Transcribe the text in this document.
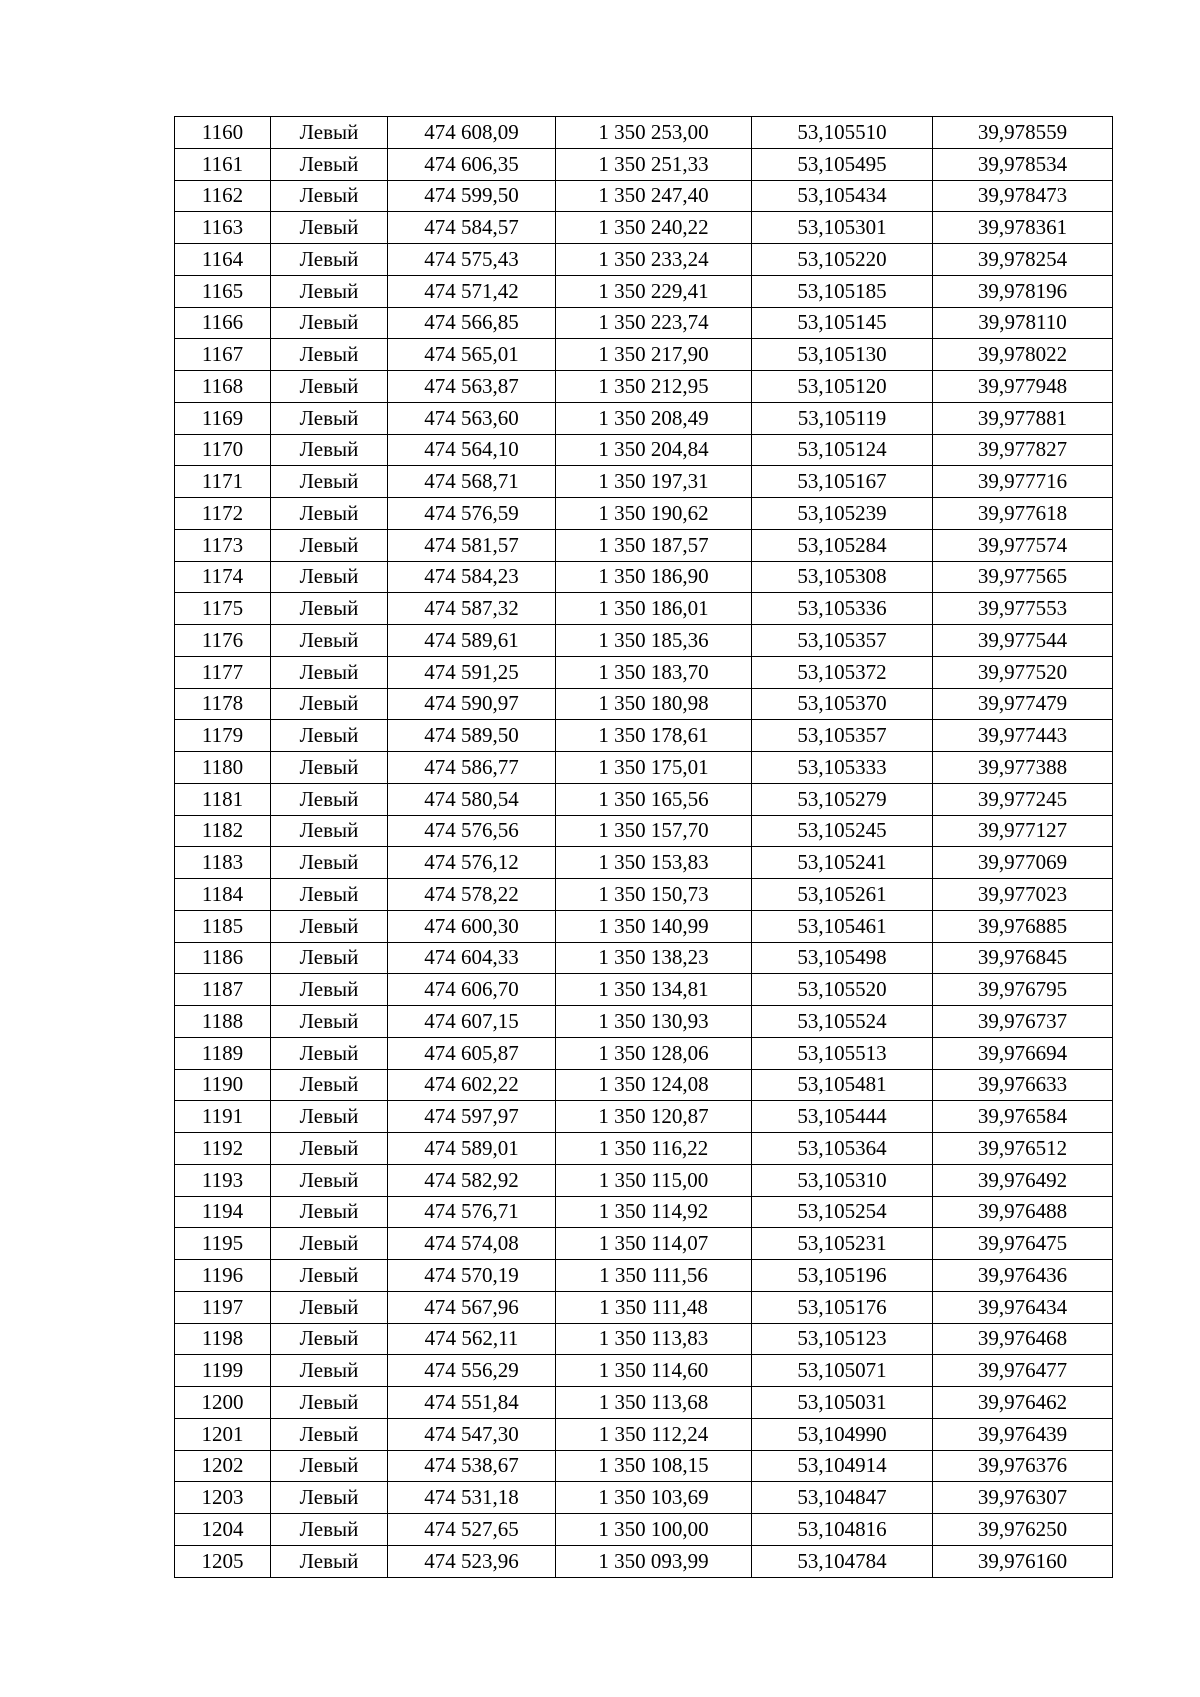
1160	Левый	474 608,09	1 350 253,00	53,105510	39,978559
1161	Левый	474 606,35	1 350 251,33	53,105495	39,978534
1162	Левый	474 599,50	1 350 247,40	53,105434	39,978473
1163	Левый	474 584,57	1 350 240,22	53,105301	39,978361
1164	Левый	474 575,43	1 350 233,24	53,105220	39,978254
1165	Левый	474 571,42	1 350 229,41	53,105185	39,978196
1166	Левый	474 566,85	1 350 223,74	53,105145	39,978110
1167	Левый	474 565,01	1 350 217,90	53,105130	39,978022
1168	Левый	474 563,87	1 350 212,95	53,105120	39,977948
1169	Левый	474 563,60	1 350 208,49	53,105119	39,977881
1170	Левый	474 564,10	1 350 204,84	53,105124	39,977827
1171	Левый	474 568,71	1 350 197,31	53,105167	39,977716
1172	Левый	474 576,59	1 350 190,62	53,105239	39,977618
1173	Левый	474 581,57	1 350 187,57	53,105284	39,977574
1174	Левый	474 584,23	1 350 186,90	53,105308	39,977565
1175	Левый	474 587,32	1 350 186,01	53,105336	39,977553
1176	Левый	474 589,61	1 350 185,36	53,105357	39,977544
1177	Левый	474 591,25	1 350 183,70	53,105372	39,977520
1178	Левый	474 590,97	1 350 180,98	53,105370	39,977479
1179	Левый	474 589,50	1 350 178,61	53,105357	39,977443
1180	Левый	474 586,77	1 350 175,01	53,105333	39,977388
1181	Левый	474 580,54	1 350 165,56	53,105279	39,977245
1182	Левый	474 576,56	1 350 157,70	53,105245	39,977127
1183	Левый	474 576,12	1 350 153,83	53,105241	39,977069
1184	Левый	474 578,22	1 350 150,73	53,105261	39,977023
1185	Левый	474 600,30	1 350 140,99	53,105461	39,976885
1186	Левый	474 604,33	1 350 138,23	53,105498	39,976845
1187	Левый	474 606,70	1 350 134,81	53,105520	39,976795
1188	Левый	474 607,15	1 350 130,93	53,105524	39,976737
1189	Левый	474 605,87	1 350 128,06	53,105513	39,976694
1190	Левый	474 602,22	1 350 124,08	53,105481	39,976633
1191	Левый	474 597,97	1 350 120,87	53,105444	39,976584
1192	Левый	474 589,01	1 350 116,22	53,105364	39,976512
1193	Левый	474 582,92	1 350 115,00	53,105310	39,976492
1194	Левый	474 576,71	1 350 114,92	53,105254	39,976488
1195	Левый	474 574,08	1 350 114,07	53,105231	39,976475
1196	Левый	474 570,19	1 350 111,56	53,105196	39,976436
1197	Левый	474 567,96	1 350 111,48	53,105176	39,976434
1198	Левый	474 562,11	1 350 113,83	53,105123	39,976468
1199	Левый	474 556,29	1 350 114,60	53,105071	39,976477
1200	Левый	474 551,84	1 350 113,68	53,105031	39,976462
1201	Левый	474 547,30	1 350 112,24	53,104990	39,976439
1202	Левый	474 538,67	1 350 108,15	53,104914	39,976376
1203	Левый	474 531,18	1 350 103,69	53,104847	39,976307
1204	Левый	474 527,65	1 350 100,00	53,104816	39,976250
1205	Левый	474 523,96	1 350 093,99	53,104784	39,976160
